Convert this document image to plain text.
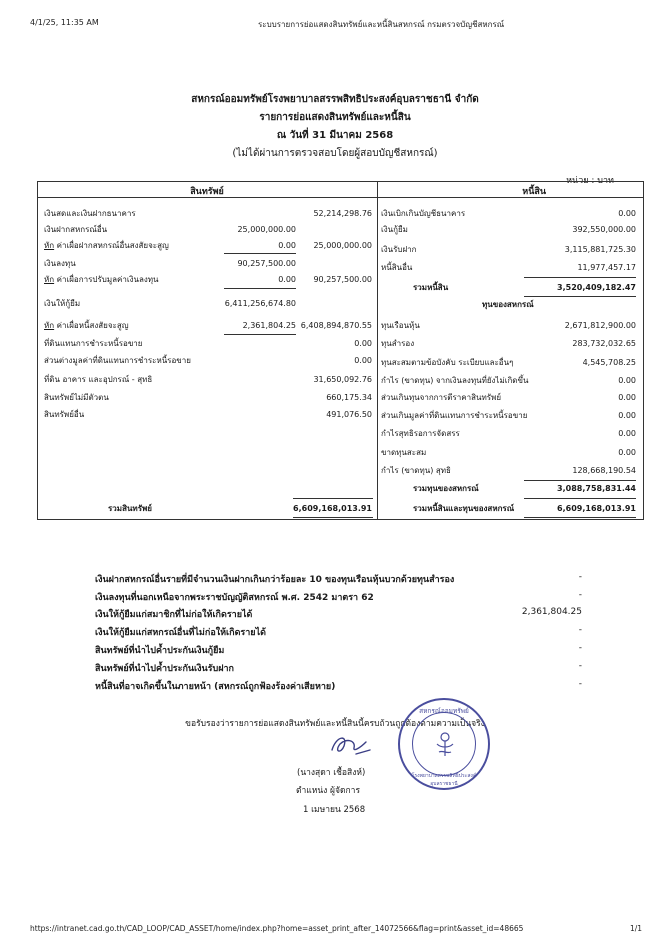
4/1/25, 11:35 AM	ระบบรายการย่อแสดงสินทรัพย์และหนี้สินสหกรณ์ กรมตรวจบัญชีสหกรณ์
https://intranet.cad.go.th/CAD_LOOP/CAD_ASSET/home/index.php?home=asset_print_after_14072566&flag=print&asset_id=48665	1/1
สหกรณ์ออมทรัพย์โรงพยาบาลสรรพสิทธิประสงค์อุบลราชธานี จำกัด
รายการย่อแสดงสินทรัพย์และหนี้สิน
ณ วันที่ 31 มีนาคม 2568
(ไม่ได้ผ่านการตรวจสอบโดยผู้สอบบัญชีสหกรณ์)
หน่วย : บาท
สินทรัพย์	หนี้สิน
เงินสดและเงินฝากธนาคาร	52,214,298.76
เงินฝากสหกรณ์อื่น	25,000,000.00
หัก ค่าเผื่อฝากสหกรณ์อื่นสงสัยจะสูญ	0.00	25,000,000.00
เงินลงทุน	90,257,500.00
หัก ค่าเผื่อการปรับมูลค่าเงินลงทุน	0.00	90,257,500.00
เงินให้กู้ยืม	6,411,256,674.80
หัก ค่าเผื่อหนี้สงสัยจะสูญ	2,361,804.25 6,408,894,870.55
ที่ดินแทนการชำระหนี้รอขาย	0.00
ส่วนต่างมูลค่าที่ดินแทนการชำระหนี้รอขาย	0.00
ที่ดิน อาคาร และอุปกรณ์ - สุทธิ	31,650,092.76
สินทรัพย์ไม่มีตัวตน	660,175.34
สินทรัพย์อื่น	491,076.50
รวมสินทรัพย์	6,609,168,013.91
เงินเบิกเกินบัญชีธนาคาร	0.00
เงินกู้ยืม	392,550,000.00
เงินรับฝาก	3,115,881,725.30
หนี้สินอื่น	11,977,457.17
รวมหนี้สิน	3,520,409,182.47
ทุนของสหกรณ์
ทุนเรือนหุ้น	2,671,812,900.00
ทุนสำรอง	283,732,032.65
ทุนสะสมตามข้อบังคับ ระเบียบและอื่นๆ	4,545,708.25
กำไร (ขาดทุน) จากเงินลงทุนที่ยังไม่เกิดขึ้น	0.00
ส่วนเกินทุนจากการตีราคาสินทรัพย์	0.00
ส่วนเกินมูลค่าที่ดินแทนการชำระหนี้รอขาย	0.00
กำไรสุทธิรอการจัดสรร	0.00
ขาดทุนสะสม	0.00
กำไร (ขาดทุน) สุทธิ	128,668,190.54
รวมทุนของสหกรณ์	3,088,758,831.44
รวมหนี้สินและทุนของสหกรณ์	6,609,168,013.91
เงินฝากสหกรณ์อื่นรายที่มีจำนวนเงินฝากเกินกว่าร้อยละ 10 ของทุนเรือนหุ้นบวกด้วยทุนสำรอง	-
เงินลงทุนที่นอกเหนือจากพระราชบัญญัติสหกรณ์ พ.ศ. 2542 มาตรา 62	-
เงินให้กู้ยืมแก่สมาชิกที่ไม่ก่อให้เกิดรายได้	2,361,804.25
เงินให้กู้ยืมแก่สหกรณ์อื่นที่ไม่ก่อให้เกิดรายได้	-
สินทรัพย์ที่นำไปค้ำประกันเงินกู้ยืม	-
สินทรัพย์ที่นำไปค้ำประกันเงินรับฝาก	-
หนี้สินที่อาจเกิดขึ้นในภายหน้า (สหกรณ์ถูกฟ้องร้องค่าเสียหาย)	-
ขอรับรองว่ารายการย่อแสดงสินทรัพย์และหนี้สินนี้ครบถ้วนถูกต้องตามความเป็นจริง
(นางสุดา เชื้อสิงห์)
ตำแหน่ง ผู้จัดการ
1 เมษายน 2568
สหกรณ์ออมทรัพย์
โรงพยาบาลสรรพสิทธิประสงค์ อุบลราชธานี
